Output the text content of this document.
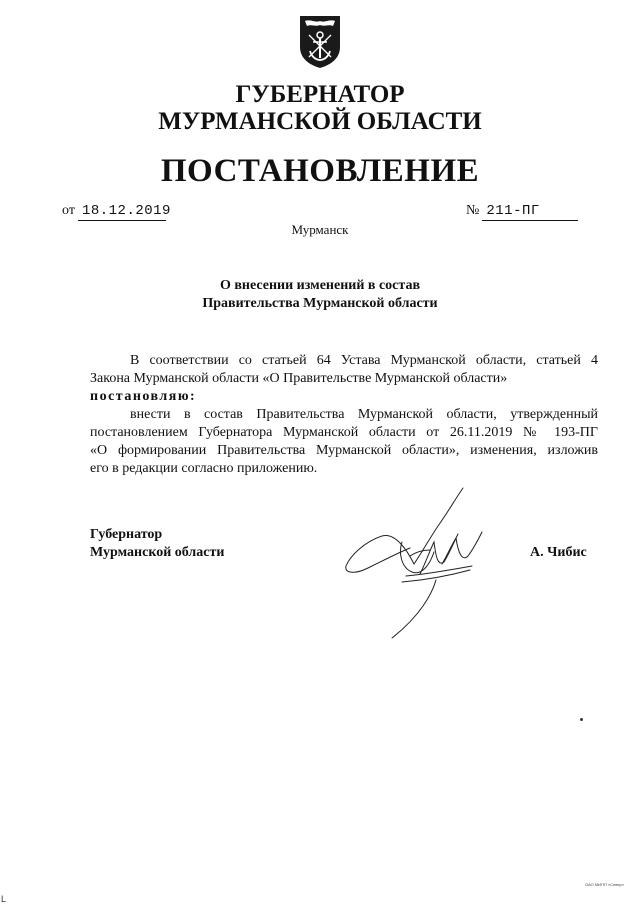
ГУБЕРНАТОР
МУРМАНСКОЙ ОБЛАСТИ
ПОСТАНОВЛЕНИЕ
от 18.12.2019	№ 211-ПГ
Мурманск
О внесении изменений в состав
Правительства Мурманской области
В соответствии со статьей 64 Устава Мурманской области, статьей 4
Закона Мурманской области «О Правительстве Мурманской области»
постановляю:
внести в состав Правительства Мурманской области, утвержденный
постановлением Губернатора Мурманской области от 26.11.2019 № 193-ПГ
«О формировании Правительства Мурманской области», изменения, изложив
его в редакции согласно приложению.
Губернатор
Мурманской области	А. Чибис
ОАО МИПП «Север»
L
